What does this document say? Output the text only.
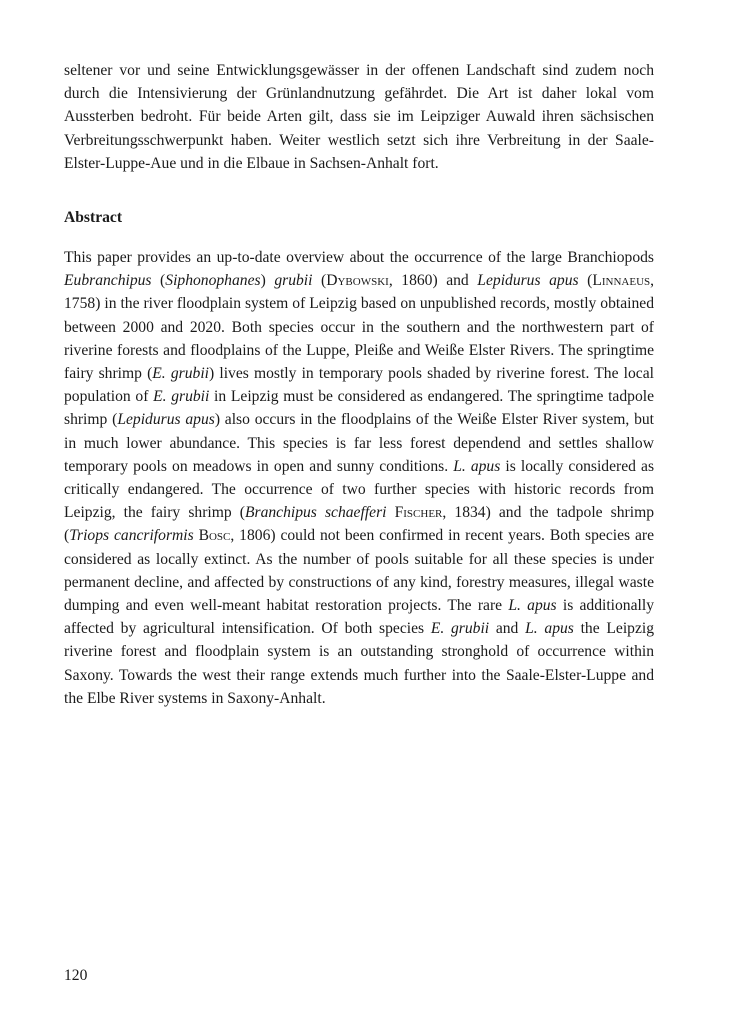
seltener vor und seine Entwicklungsgewässer in der offenen Landschaft sind zudem noch durch die Intensivierung der Grünlandnutzung gefährdet. Die Art ist daher lokal vom Aussterben bedroht. Für beide Arten gilt, dass sie im Leipziger Auwald ihren sächsischen Verbreitungsschwerpunkt haben. Weiter westlich setzt sich ihre Verbreitung in der Saale-Elster-Luppe-Aue und in die Elbaue in Sachsen-Anhalt fort.

Abstract

This paper provides an up-to-date overview about the occurrence of the large Branchiopods Eubranchipus (Siphonophanes) grubii (Dybowski, 1860) and Lepidurus apus (Linnaeus, 1758) in the river floodplain system of Leipzig based on unpublished records, mostly obtained between 2000 and 2020. Both species occur in the southern and the northwestern part of riverine forests and floodplains of the Luppe, Pleiße and Weiße Elster Rivers. The springtime fairy shrimp (E. grubii) lives mostly in temporary pools shaded by riverine forest. The local population of E. grubii in Leipzig must be considered as endangered. The springtime tadpole shrimp (Lepidurus apus) also occurs in the floodplains of the Weiße Elster River system, but in much lower abundance. This species is far less forest dependend and settles shallow temporary pools on meadows in open and sunny conditions. L. apus is locally considered as critically endangered. The occurrence of two further species with historic records from Leipzig, the fairy shrimp (Branchipus schaefferi Fischer, 1834) and the tadpole shrimp (Triops cancriformis Bosc, 1806) could not been confirmed in recent years. Both species are considered as locally extinct. As the number of pools suitable for all these species is under permanent decline, and affected by constructions of any kind, forestry measures, illegal waste dumping and even well-meant habitat restoration projects. The rare L. apus is additionally affected by agricultural intensification. Of both species E. grubii and L. apus the Leipzig riverine forest and floodplain system is an outstanding stronghold of occurrence within Saxony. Towards the west their range extends much further into the Saale-Elster-Luppe and the Elbe River systems in Saxony-Anhalt.

120
